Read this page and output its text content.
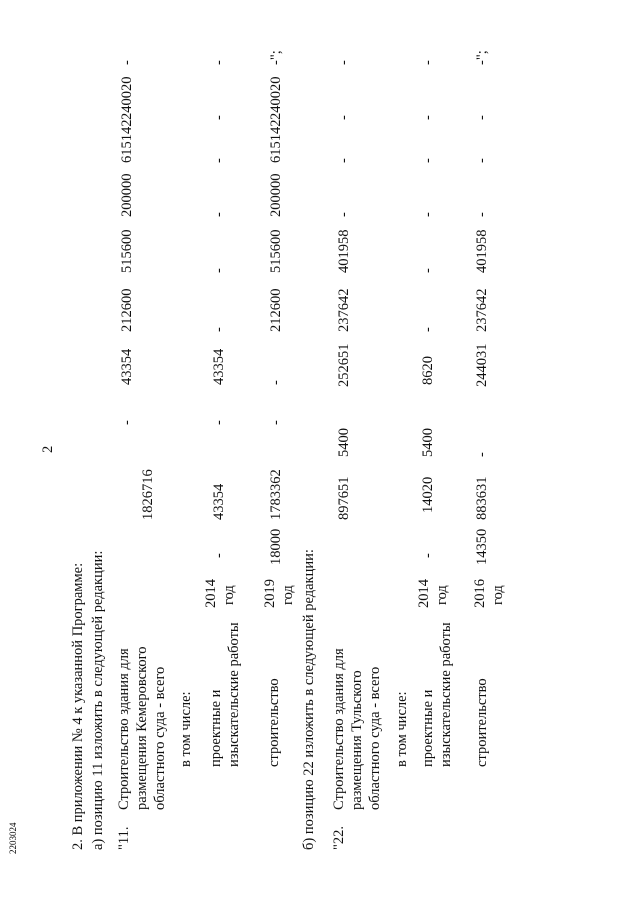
2203024
2
2. В приложении № 4 к указанной Программе: а) позицию 11 изложить в следующей редакции: "11.
Строительство здания для размещения Кемеровского областного суда - всего
1826716
-
43354
212600
515600
200000
615142
240020
-
в том числе: проектные и изыскательские работы
2014 год
-
43354
-
43354
-
-
-
-
-
-
строительство
2019 год
18000
1783362
-
-
212600
515600
200000
615142
240020
-";
б) позицию 22 изложить в следующей редакции: "22.
Строительство здания для размещения Тульского областного суда - всего
897651
5400
252651
237642
401958
-
-
-
-
в том числе: проектные и изыскательские работы
2014 год
-
14020
5400
8620
-
-
-
-
-
-
строительство
2016 год
14350
883631
-
244031
237642
401958
-
-
-
-";
